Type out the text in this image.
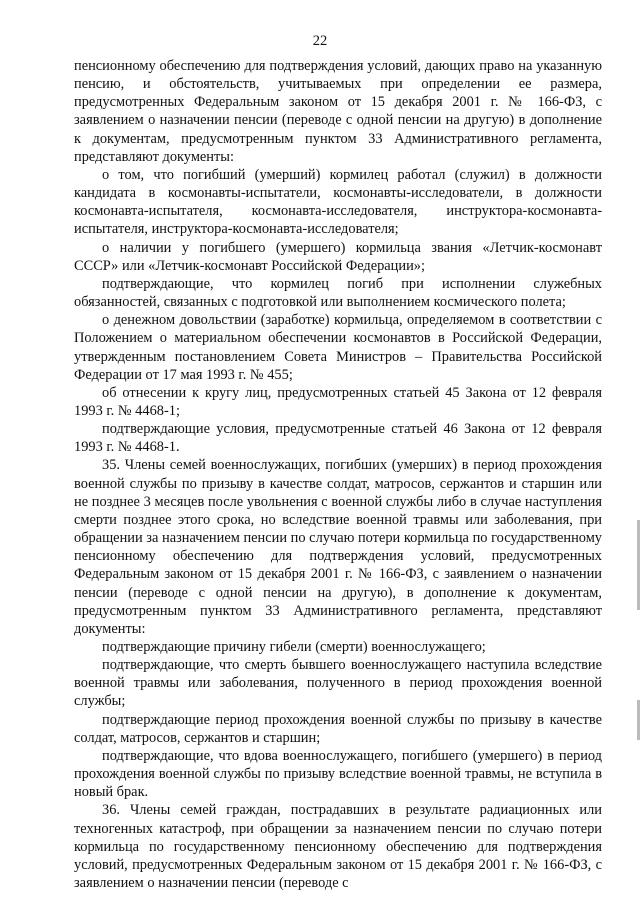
22

пенсионному обеспечению для подтверждения условий, дающих право на указанную пенсию, и обстоятельств, учитываемых при определении ее размера, предусмотренных Федеральным законом от 15 декабря 2001 г. № 166-ФЗ, с заявлением о назначении пенсии (переводе с одной пенсии на другую) в дополнение к документам, предусмотренным пунктом 33 Административного регламента, представляют документы:

о том, что погибший (умерший) кормилец работал (служил) в должности кандидата в космонавты-испытатели, космонавты-исследователи, в должности космонавта-испытателя, космонавта-исследователя, инструктора-космонавта-испытателя, инструктора-космонавта-исследователя;

о наличии у погибшего (умершего) кормильца звания «Летчик-космонавт СССР» или «Летчик-космонавт Российской Федерации»;

подтверждающие, что кормилец погиб при исполнении служебных обязанностей, связанных с подготовкой или выполнением космического полета;

о денежном довольствии (заработке) кормильца, определяемом в соответствии с Положением о материальном обеспечении космонавтов в Российской Федерации, утвержденным постановлением Совета Министров – Правительства Российской Федерации от 17 мая 1993 г. № 455;

об отнесении к кругу лиц, предусмотренных статьей 45 Закона от 12 февраля 1993 г. № 4468-1;

подтверждающие условия, предусмотренные статьей 46 Закона от 12 февраля 1993 г. № 4468-1.

35. Члены семей военнослужащих, погибших (умерших) в период прохождения военной службы по призыву в качестве солдат, матросов, сержантов и старшин или не позднее 3 месяцев после увольнения с военной службы либо в случае наступления смерти позднее этого срока, но вследствие военной травмы или заболевания, при обращении за назначением пенсии по случаю потери кормильца по государственному пенсионному обеспечению для подтверждения условий, предусмотренных Федеральным законом от 15 декабря 2001 г. № 166-ФЗ, с заявлением о назначении пенсии (переводе с одной пенсии на другую), в дополнение к документам, предусмотренным пунктом 33 Административного регламента, представляют документы:

подтверждающие причину гибели (смерти) военнослужащего;

подтверждающие, что смерть бывшего военнослужащего наступила вследствие военной травмы или заболевания, полученного в период прохождения военной службы;

подтверждающие период прохождения военной службы по призыву в качестве солдат, матросов, сержантов и старшин;

подтверждающие, что вдова военнослужащего, погибшего (умершего) в период прохождения военной службы по призыву вследствие военной травмы, не вступила в новый брак.

36. Члены семей граждан, пострадавших в результате радиационных или техногенных катастроф, при обращении за назначением пенсии по случаю потери кормильца по государственному пенсионному обеспечению для подтверждения условий, предусмотренных Федеральным законом от 15 декабря 2001 г. № 166-ФЗ, с заявлением о назначении пенсии (переводе с
